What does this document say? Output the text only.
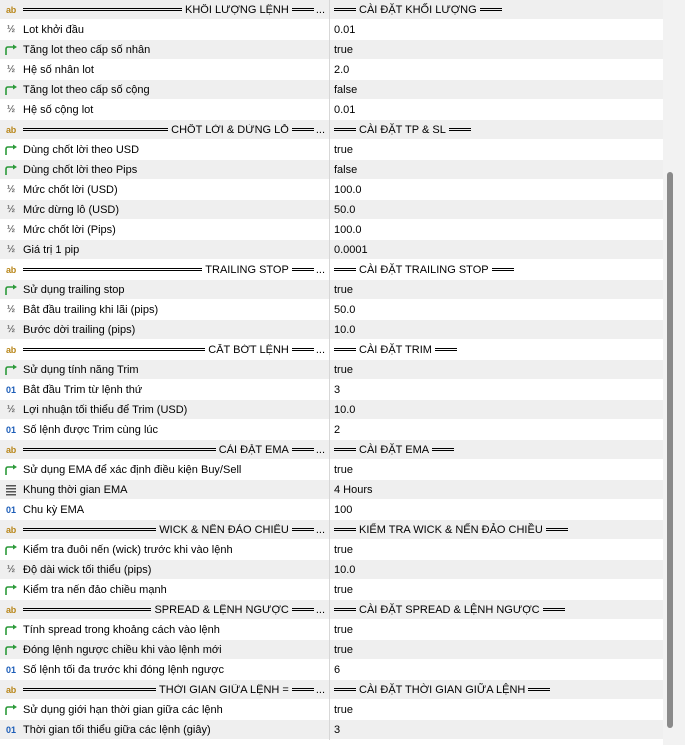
ab	KHỐI LƯỢNG LỆNH ...	CÀI ĐẶT KHỐI LƯỢNG
½ Lot khởi đầu	0.01
Tăng lot theo cấp số nhân	true
½ Hệ số nhân lot	2.0
Tăng lot theo cấp số cộng	false
½ Hệ số cộng lot	0.01
ab	CHỐT LỜI & DỪNG LỖ ...	CÀI ĐẶT TP & SL
Dùng chốt lời theo USD	true
Dùng chốt lời theo Pips	false
½ Mức chốt lời (USD)	100.0
½ Mức dừng lỗ (USD)	50.0
½ Mức chốt lời (Pips)	100.0
½ Giá trị 1 pip	0.0001
ab	TRAILING STOP ...	CÀI ĐẶT TRAILING STOP
Sử dụng trailing stop	true
½ Bắt đầu trailing khi lãi (pips)	50.0
½ Bước dời trailing (pips)	10.0
ab	CẮT BỚT LỆNH ...	CÀI ĐẶT TRIM
Sử dụng tính năng Trim	true
01 Bắt đầu Trim từ lệnh thứ	3
½ Lợi nhuận tối thiểu để Trim (USD)	10.0
01 Số lệnh được Trim cùng lúc	2
ab	CÀI ĐẶT EMA ...	CÀI ĐẶT EMA
Sử dụng EMA để xác định điều kiện Buy/Sell	true
Khung thời gian EMA	4 Hours
01 Chu kỳ EMA	100
ab	WICK & NẾN ĐẢO CHIỀU ...	KIỂM TRA WICK & NẾN ĐẢO CHIỀU
Kiểm tra đuôi nến (wick) trước khi vào lệnh	true
½ Độ dài wick tối thiểu (pips)	10.0
Kiểm tra nến đảo chiều mạnh	true
ab	SPREAD & LỆNH NGƯỢC ...	CÀI ĐẶT SPREAD & LỆNH NGƯỢC
Tính spread trong khoảng cách vào lệnh	true
Đóng lệnh ngược chiều khi vào lệnh mới	true
01 Số lệnh tối đa trước khi đóng lệnh ngược	6
ab	THỜI GIAN GIỮA LỆNH = ...	CÀI ĐẶT THỜI GIAN GIỮA LỆNH
Sử dụng giới hạn thời gian giữa các lệnh	true
01 Thời gian tối thiểu giữa các lệnh (giây)	3
